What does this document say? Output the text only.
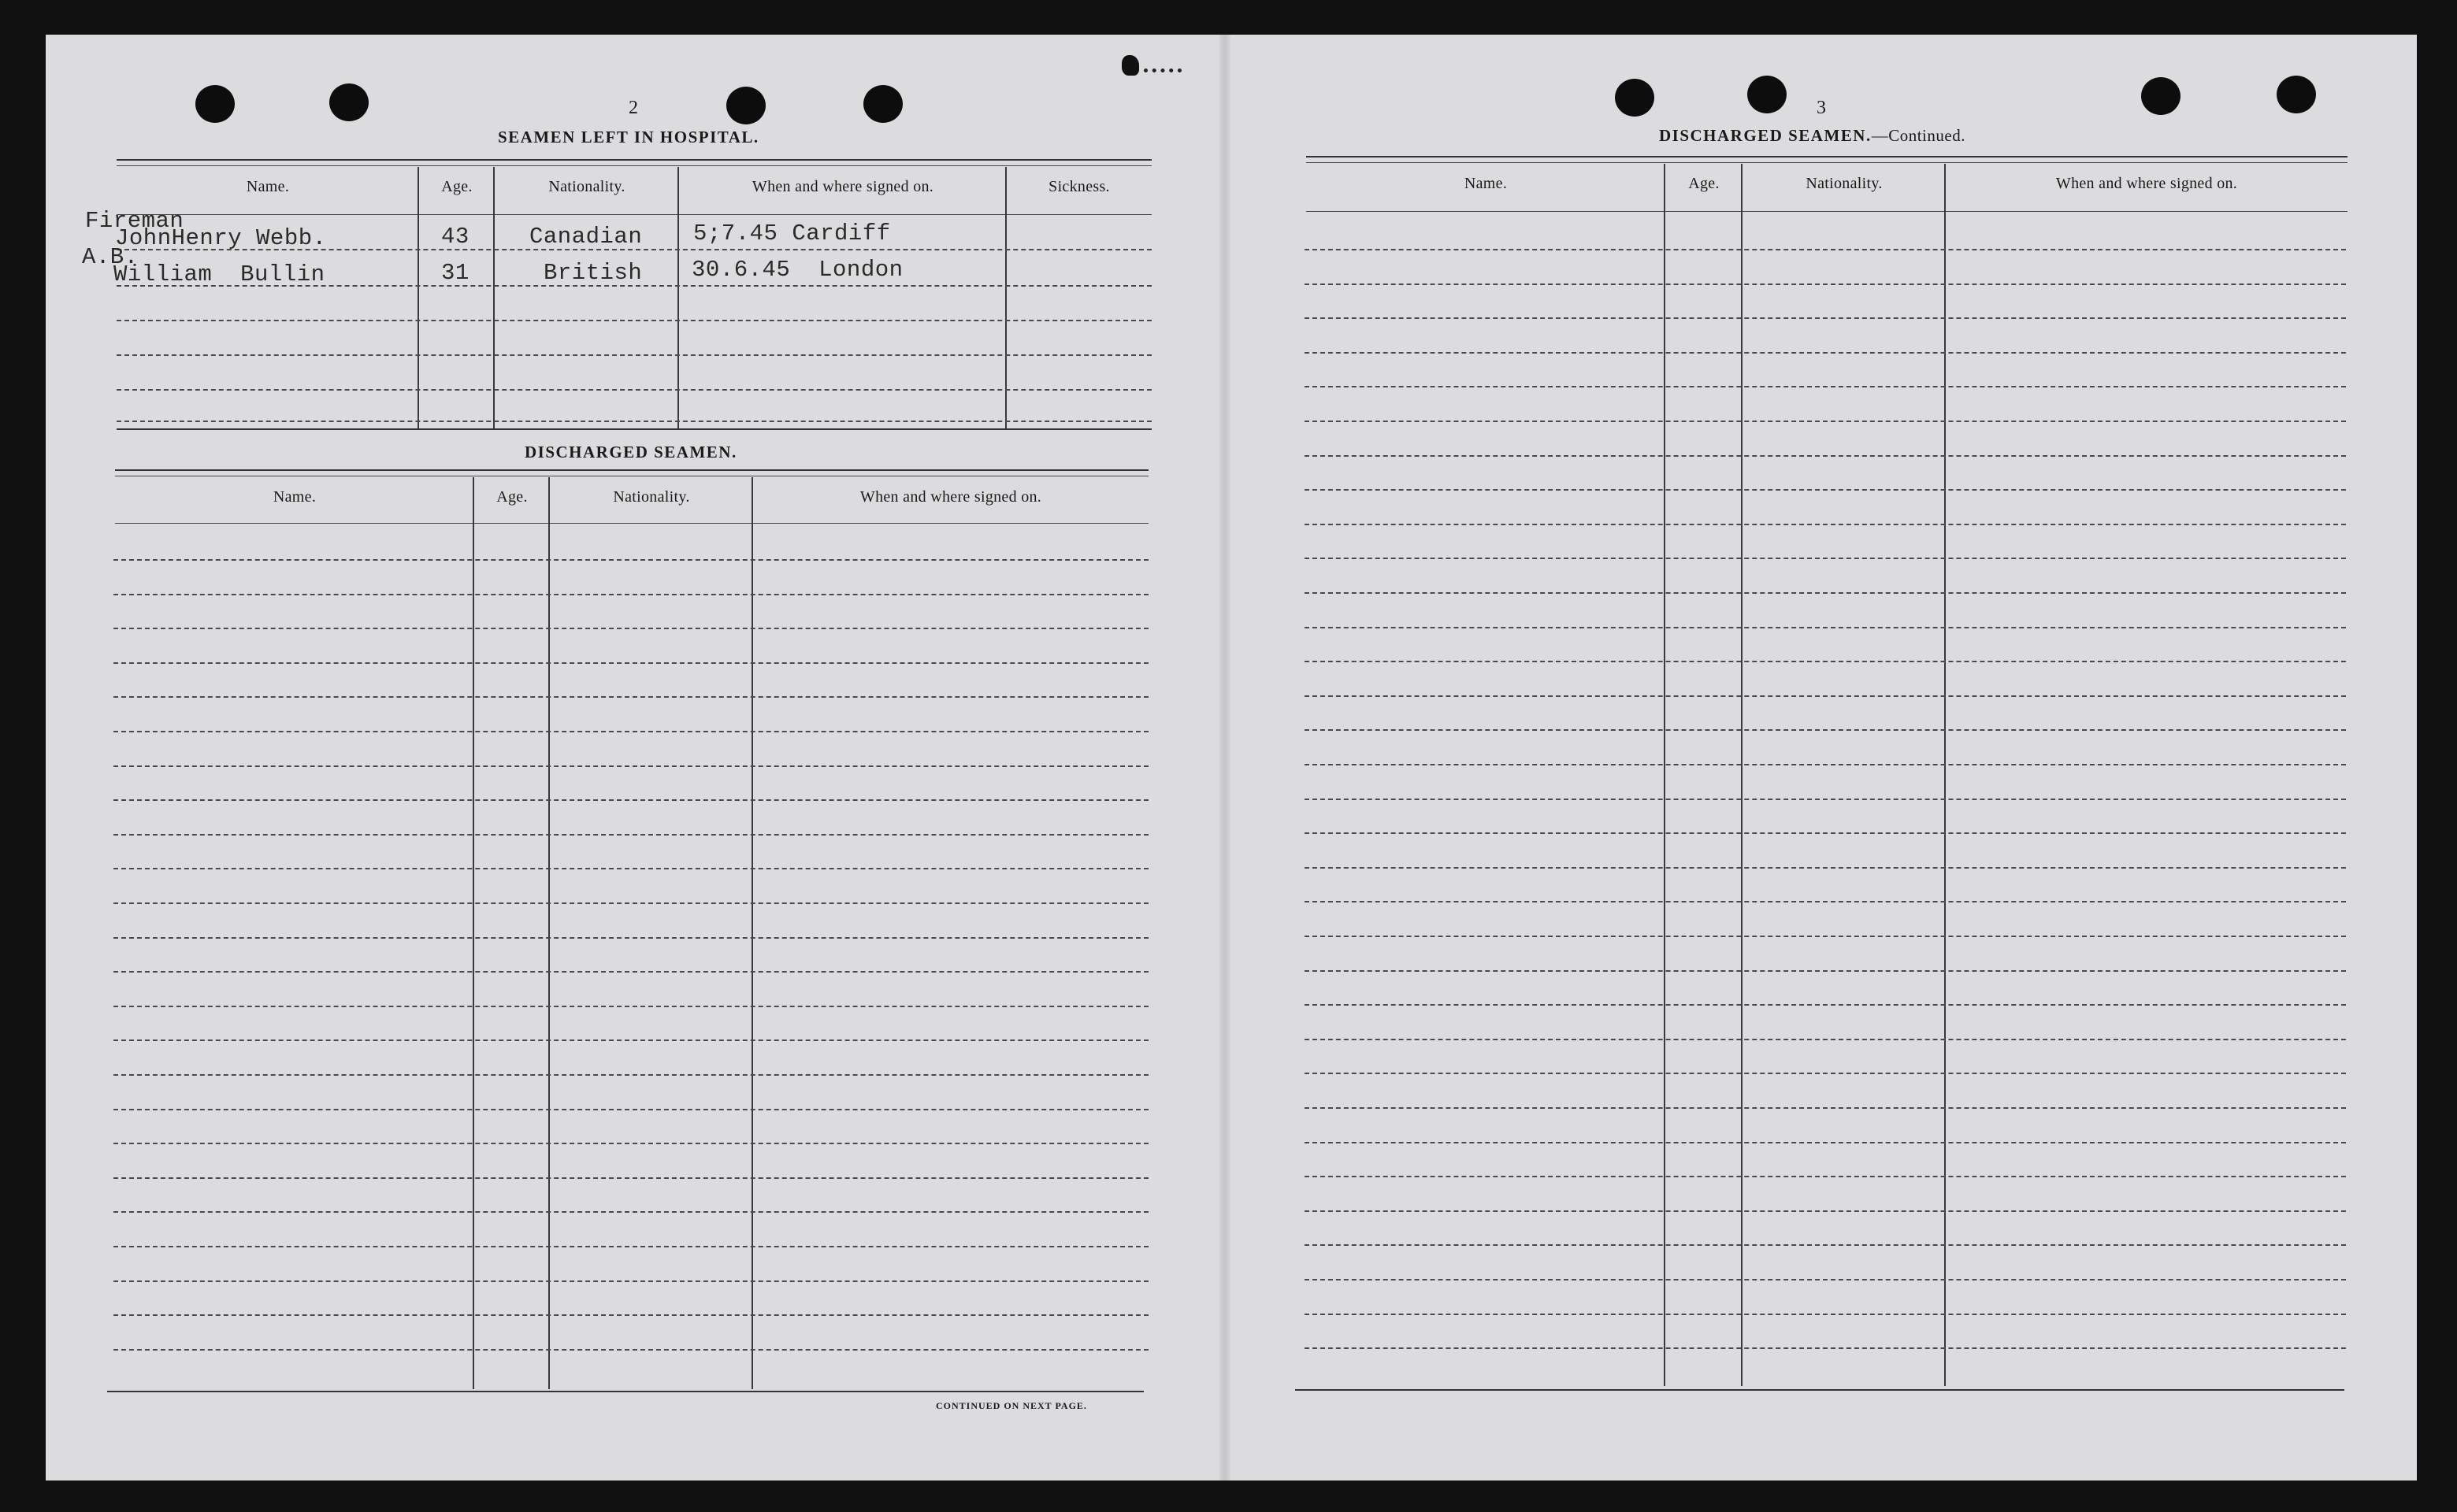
2
SEAMEN LEFT IN HOSPITAL.
Name.	Age.	Nationality.	When and where signed on.	Sickness.
Fireman
JohnHenry Webb.	43	Canadian 5;7.45 Cardiff
A.B.
William  Bullin	31	British 30.6.45  London
DISCHARGED SEAMEN.
Name.	Age.	Nationality.	When and where signed on.
CONTINUED ON NEXT PAGE.
3
DISCHARGED SEAMEN.—Continued.
Name.	Age.	Nationality.	When and where signed on.
